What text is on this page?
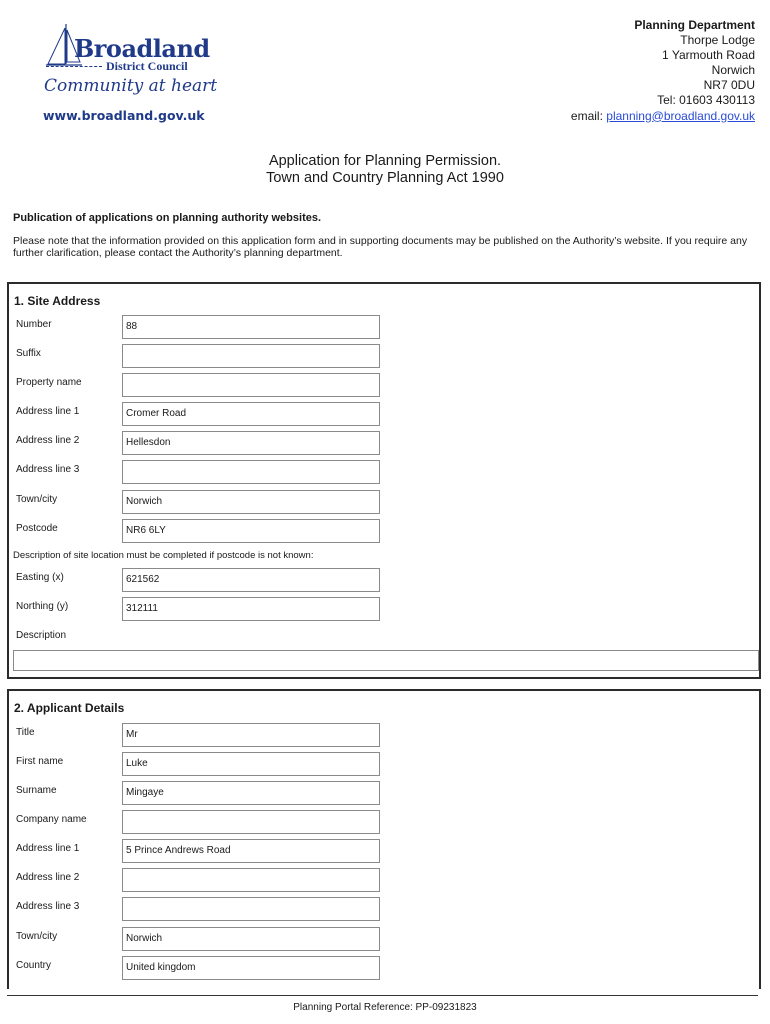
Broadland
District Council
Community at heart
www.broadland.gov.uk
Planning Department
Thorpe Lodge
1 Yarmouth Road
Norwich
NR7 0DU
Tel: 01603 430113
email: planning@broadland.gov.uk
Application for Planning Permission.
Town and Country Planning Act 1990
Publication of applications on planning authority websites.
Please note that the information provided on this application form and in supporting documents may be published on the Authority’s website. If you require any further clarification, please contact the Authority’s planning department.
1. Site Address
Number	88
Suffix
Property name
Address line 1	Cromer Road
Address line 2	Hellesdon
Address line 3
Town/city	Norwich
Postcode	NR6 6LY
Description of site location must be completed if postcode is not known:
Easting (x)	621562
Northing (y)	312111
Description
2. Applicant Details
Title	Mr
First name	Luke
Surname	Mingaye
Company name
Address line 1	5 Prince Andrews Road
Address line 2
Address line 3
Town/city	Norwich
Country	United kingdom
Planning Portal Reference: PP-09231823
